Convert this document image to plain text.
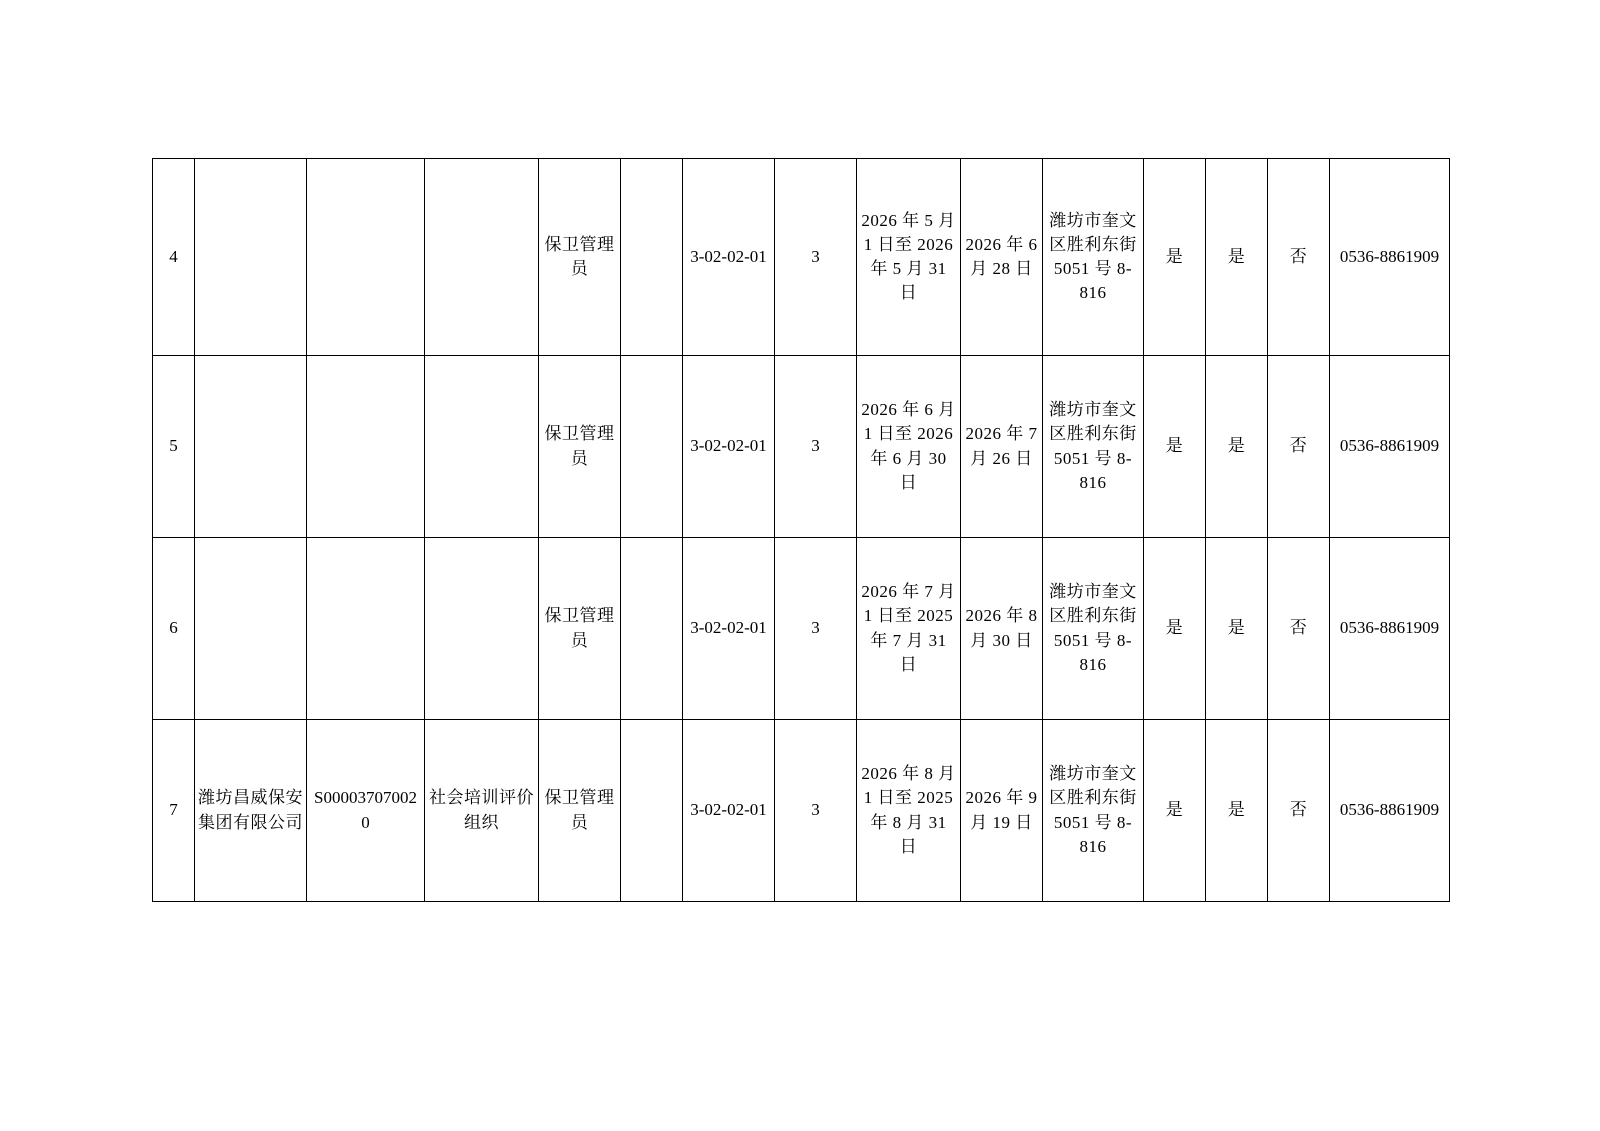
4				保卫管理员		3-02-02-01	3	2026 年 5 月 1 日至 2026 年 5 月 31 日	2026 年 6 月 28 日	潍坊市奎文区胜利东街 5051 号 8-816	是	是	否	0536-8861909
5				保卫管理员		3-02-02-01	3	2026 年 6 月 1 日至 2026 年 6 月 30 日	2026 年 7 月 26 日	潍坊市奎文区胜利东街 5051 号 8-816	是	是	否	0536-8861909
6				保卫管理员		3-02-02-01	3	2026 年 7 月 1 日至 2025 年 7 月 31 日	2026 年 8 月 30 日	潍坊市奎文区胜利东街 5051 号 8-816	是	是	否	0536-8861909
7	潍坊昌威保安集团有限公司	S000037070020	社会培训评价组织	保卫管理员		3-02-02-01	3	2026 年 8 月 1 日至 2025 年 8 月 31 日	2026 年 9 月 19 日	潍坊市奎文区胜利东街 5051 号 8-816	是	是	否	0536-8861909
